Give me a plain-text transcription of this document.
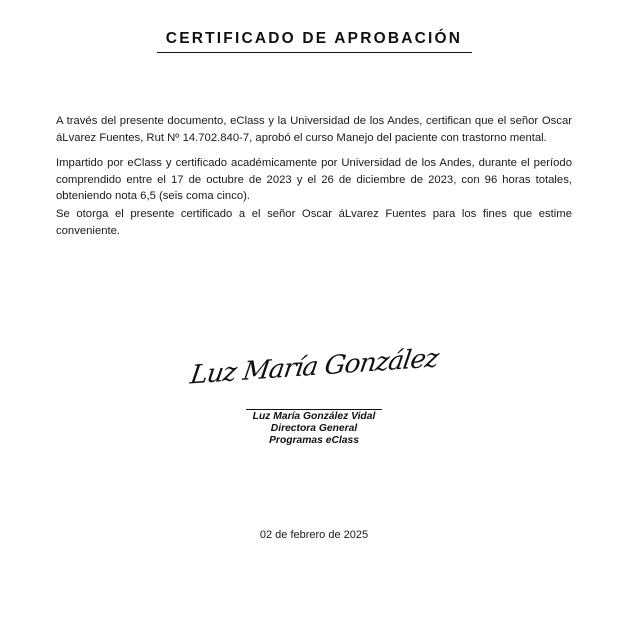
CERTIFICADO DE APROBACIÓN
A través del presente documento, eClass y la Universidad de los Andes, certifican que el señor Oscar áLvarez Fuentes, Rut Nº 14.702.840-7, aprobó el curso Manejo del paciente con trastorno mental.
Impartido por eClass y certificado académicamente por Universidad de los Andes, durante el período comprendido entre el 17 de octubre de 2023 y el 26 de diciembre de 2023, con 96 horas totales, obteniendo nota 6,5 (seis coma cinco).
Se otorga el presente certificado a el señor Oscar áLvarez Fuentes para los fines que estime conveniente.
Luz María González
Luz María González Vidal
Directora General
Programas eClass
02 de febrero de 2025
